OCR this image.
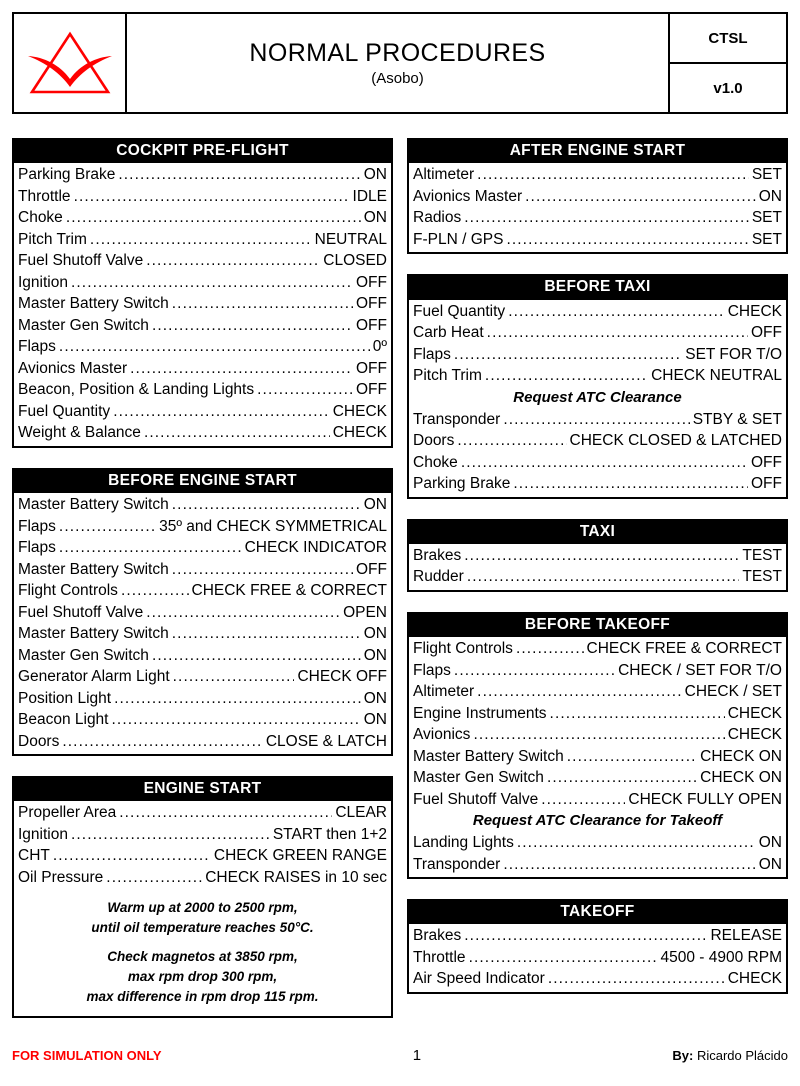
NORMAL PROCEDURES
(Asobo)
CTSL
v1.0
COCKPIT PRE-FLIGHT
Parking Brake .....	ON
Throttle .....	IDLE
Choke .....	ON
Pitch Trim .....	NEUTRAL
Fuel Shutoff Valve .....	CLOSED
Ignition .....	OFF
Master Battery Switch .....	OFF
Master Gen Switch .....	OFF
Flaps .....	0º
Avionics Master .....	OFF
Beacon, Position & Landing Lights .....	OFF
Fuel Quantity .....	CHECK
Weight & Balance .....	CHECK
BEFORE ENGINE START
Master Battery Switch .....	ON
Flaps .....	35º and CHECK SYMMETRICAL
Flaps .....	CHECK INDICATOR
Master Battery Switch .....	OFF
Flight Controls .....	CHECK FREE & CORRECT
Fuel Shutoff Valve .....	OPEN
Master Battery Switch .....	ON
Master Gen Switch .....	ON
Generator Alarm Light .....	CHECK OFF
Position Light .....	ON
Beacon Light .....	ON
Doors .....	CLOSE & LATCH
ENGINE START
Propeller Area .....	CLEAR
Ignition .....	START then 1+2
CHT .....	CHECK GREEN RANGE
Oil Pressure .....	CHECK RAISES in 10 sec
Warm up at 2000 to 2500 rpm,
until oil temperature reaches 50°C.
Check magnetos at 3850 rpm,
max rpm drop 300 rpm,
max difference in rpm drop 115 rpm.
AFTER ENGINE START
Altimeter .....	SET
Avionics Master .....	ON
Radios .....	SET
F-PLN / GPS .....	SET
BEFORE TAXI
Fuel Quantity .....	CHECK
Carb Heat .....	OFF
Flaps .....	SET FOR T/O
Pitch Trim .....	CHECK NEUTRAL
Request ATC Clearance
Transponder .....	STBY & SET
Doors .....	CHECK CLOSED & LATCHED
Choke .....	OFF
Parking Brake .....	OFF
TAXI
Brakes .....	TEST
Rudder .....	TEST
BEFORE TAKEOFF
Flight Controls .....	CHECK FREE & CORRECT
Flaps .....	CHECK / SET FOR T/O
Altimeter .....	CHECK / SET
Engine Instruments .....	CHECK
Avionics .....	CHECK
Master Battery Switch .....	CHECK ON
Master Gen Switch .....	CHECK ON
Fuel Shutoff Valve .....	CHECK FULLY OPEN
Request ATC Clearance for Takeoff
Landing Lights .....	ON
Transponder .....	ON
TAKEOFF
Brakes .....	RELEASE
Throttle .....	4500 - 4900 RPM
Air Speed Indicator .....	CHECK
FOR SIMULATION ONLY	1	By: Ricardo Plácido
